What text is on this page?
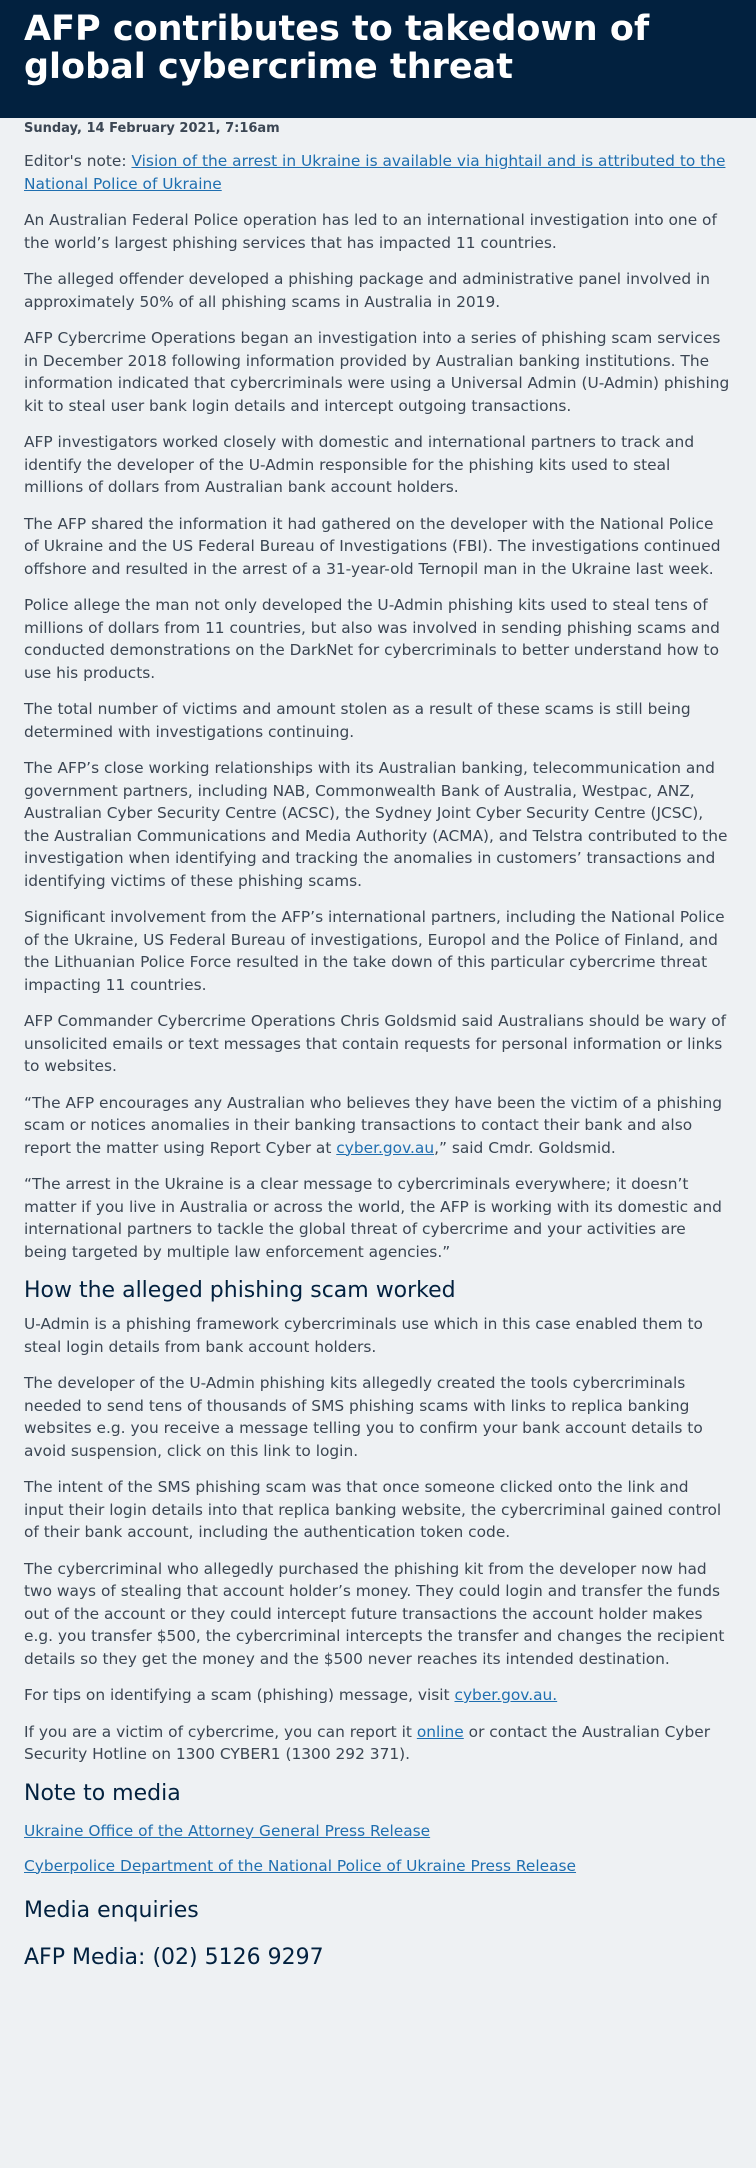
AFP contributes to takedown of global cybercrime threat
Sunday, 14 February 2021, 7:16am

Editor's note: Vision of the arrest in Ukraine is available via hightail and is attributed to the National Police of Ukraine

An Australian Federal Police operation has led to an international investigation into one of the world’s largest phishing services that has impacted 11 countries.

The alleged offender developed a phishing package and administrative panel involved in approximately 50% of all phishing scams in Australia in 2019.

AFP Cybercrime Operations began an investigation into a series of phishing scam services in December 2018 following information provided by Australian banking institutions. The information indicated that cybercriminals were using a Universal Admin (U-Admin) phishing kit to steal user bank login details and intercept outgoing transactions.

AFP investigators worked closely with domestic and international partners to track and identify the developer of the U-Admin responsible for the phishing kits used to steal millions of dollars from Australian bank account holders.

The AFP shared the information it had gathered on the developer with the National Police of Ukraine and the US Federal Bureau of Investigations (FBI). The investigations continued offshore and resulted in the arrest of a 31-year-old Ternopil man in the Ukraine last week.

Police allege the man not only developed the U-Admin phishing kits used to steal tens of millions of dollars from 11 countries, but also was involved in sending phishing scams and conducted demonstrations on the DarkNet for cybercriminals to better understand how to use his products.

The total number of victims and amount stolen as a result of these scams is still being determined with investigations continuing.

The AFP’s close working relationships with its Australian banking, telecommunication and government partners, including NAB, Commonwealth Bank of Australia, Westpac, ANZ, Australian Cyber Security Centre (ACSC), the Sydney Joint Cyber Security Centre (JCSC), the Australian Communications and Media Authority (ACMA), and Telstra contributed to the investigation when identifying and tracking the anomalies in customers’ transactions and identifying victims of these phishing scams.

Significant involvement from the AFP’s international partners, including the National Police of the Ukraine, US Federal Bureau of investigations, Europol and the Police of Finland, and the Lithuanian Police Force resulted in the take down of this particular cybercrime threat impacting 11 countries.

AFP Commander Cybercrime Operations Chris Goldsmid said Australians should be wary of unsolicited emails or text messages that contain requests for personal information or links to websites.

“The AFP encourages any Australian who believes they have been the victim of a phishing scam or notices anomalies in their banking transactions to contact their bank and also report the matter using Report Cyber at cyber.gov.au,” said Cmdr. Goldsmid.

“The arrest in the Ukraine is a clear message to cybercriminals everywhere; it doesn’t matter if you live in Australia or across the world, the AFP is working with its domestic and international partners to tackle the global threat of cybercrime and your activities are being targeted by multiple law enforcement agencies.”

How the alleged phishing scam worked

U-Admin is a phishing framework cybercriminals use which in this case enabled them to steal login details from bank account holders.

The developer of the U-Admin phishing kits allegedly created the tools cybercriminals needed to send tens of thousands of SMS phishing scams with links to replica banking websites e.g. you receive a message telling you to confirm your bank account details to avoid suspension, click on this link to login.

The intent of the SMS phishing scam was that once someone clicked onto the link and input their login details into that replica banking website, the cybercriminal gained control of their bank account, including the authentication token code.

The cybercriminal who allegedly purchased the phishing kit from the developer now had two ways of stealing that account holder’s money. They could login and transfer the funds out of the account or they could intercept future transactions the account holder makes e.g. you transfer $500, the cybercriminal intercepts the transfer and changes the recipient details so they get the money and the $500 never reaches its intended destination.

For tips on identifying a scam (phishing) message, visit cyber.gov.au.

If you are a victim of cybercrime, you can report it online or contact the Australian Cyber Security Hotline on 1300 CYBER1 (1300 292 371).

Note to media
Ukraine Office of the Attorney General Press Release
Cyberpolice Department of the National Police of Ukraine Press Release
Media enquiries
AFP Media: (02) 5126 9297
